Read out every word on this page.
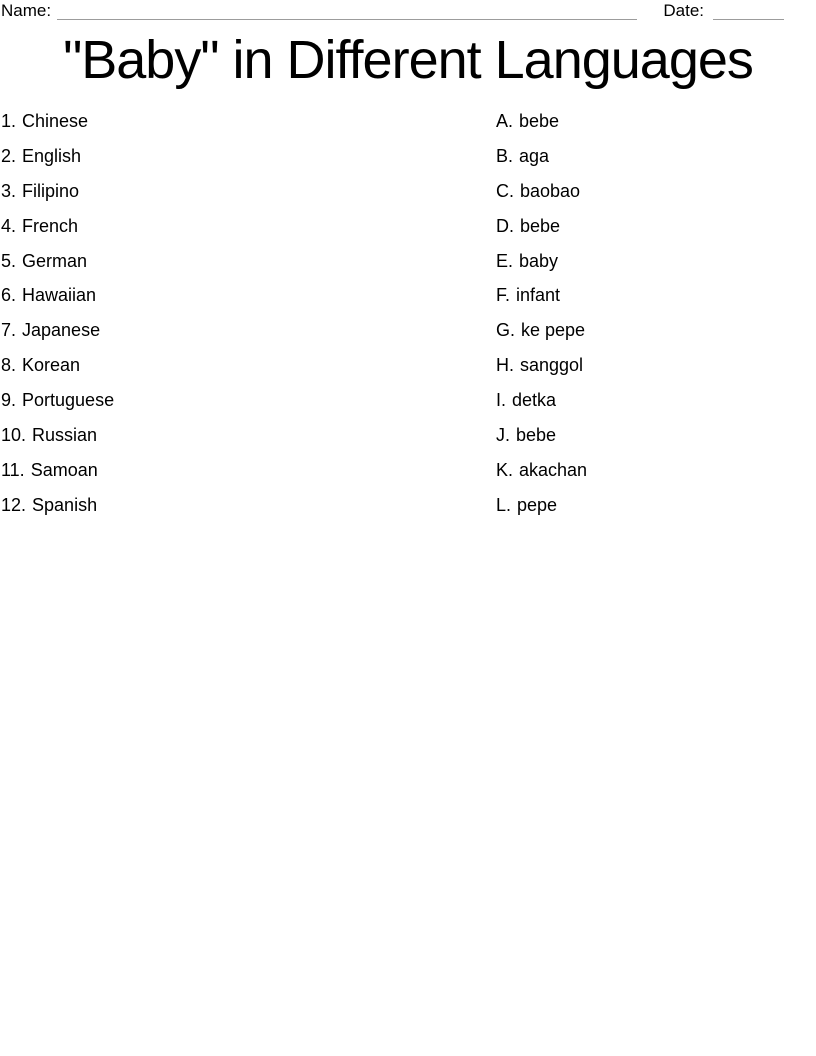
Name:	Date:
"Baby" in Different Languages
1. Chinese
2. English
3. Filipino
4. French
5. German
6. Hawaiian
7. Japanese
8. Korean
9. Portuguese
10. Russian
11. Samoan
12. Spanish
A. bebe
B. aga
C. baobao
D. bebe
E. baby
F. infant
G. ke pepe
H. sanggol
I. detka
J. bebe
K. akachan
L. pepe
